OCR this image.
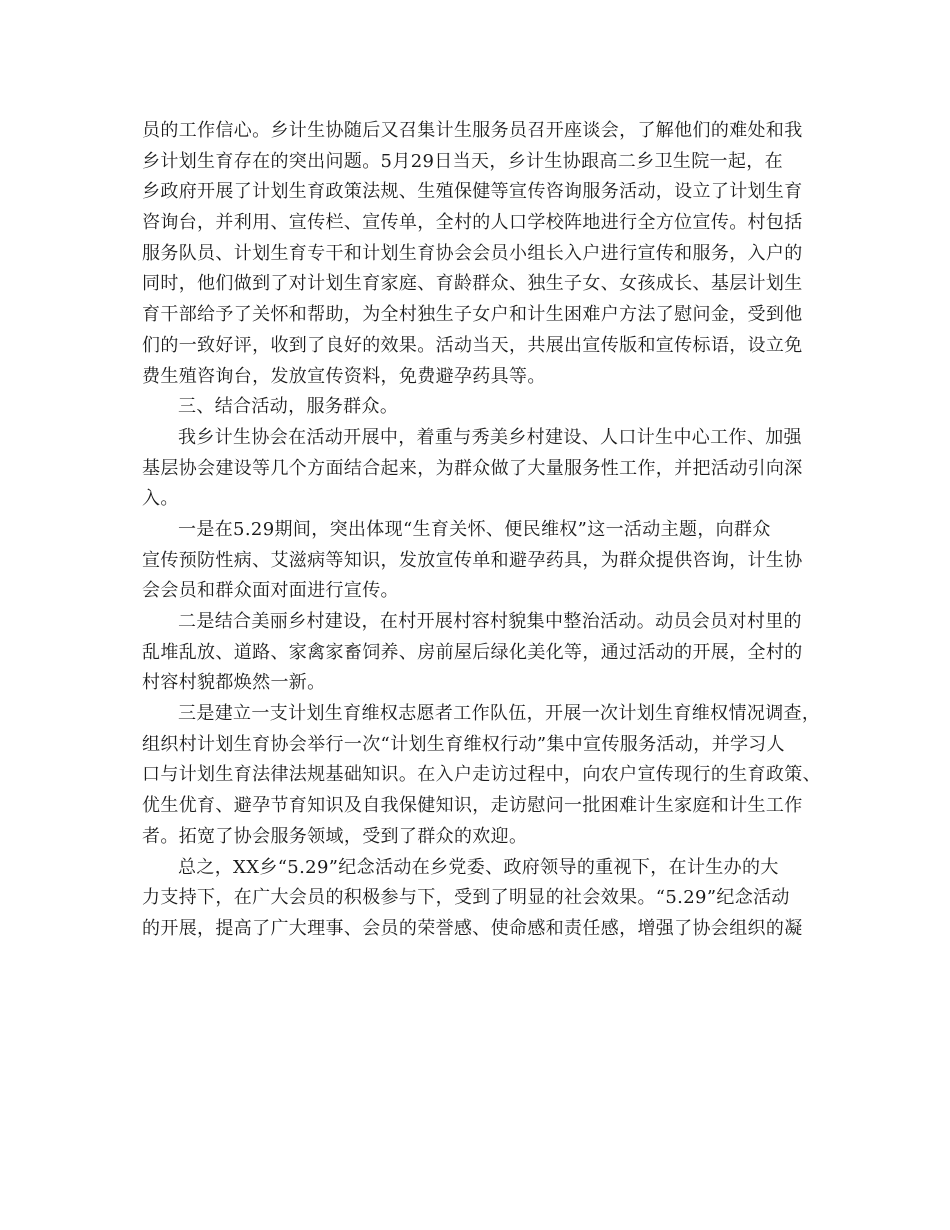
员的工作信心。乡计生协随后又召集计生服务员召开座谈会，了解他们的难处和我
乡计划生育存在的突出问题。5月29日当天，乡计生协跟高二乡卫生院一起，在
乡政府开展了计划生育政策法规、生殖保健等宣传咨询服务活动，设立了计划生育
咨询台，并利用、宣传栏、宣传单，全村的人口学校阵地进行全方位宣传。村包括
服务队员、计划生育专干和计划生育协会会员小组长入户进行宣传和服务，入户的
同时，他们做到了对计划生育家庭、育龄群众、独生子女、女孩成长、基层计划生
育干部给予了关怀和帮助，为全村独生子女户和计生困难户方法了慰问金，受到他
们的一致好评，收到了良好的效果。活动当天，共展出宣传版和宣传标语，设立免
费生殖咨询台，发放宣传资料，免费避孕药具等。
三、结合活动，服务群众。
我乡计生协会在活动开展中，着重与秀美乡村建设、人口计生中心工作、加强
基层协会建设等几个方面结合起来，为群众做了大量服务性工作，并把活动引向深
入。
一是在5.29期间，突出体现“生育关怀、便民维权”这一活动主题，向群众
宣传预防性病、艾滋病等知识，发放宣传单和避孕药具，为群众提供咨询，计生协
会会员和群众面对面进行宣传。
二是结合美丽乡村建设，在村开展村容村貌集中整治活动。动员会员对村里的
乱堆乱放、道路、家禽家畜饲养、房前屋后绿化美化等，通过活动的开展，全村的
村容村貌都焕然一新。
三是建立一支计划生育维权志愿者工作队伍，开展一次计划生育维权情况调查，
组织村计划生育协会举行一次“计划生育维权行动”集中宣传服务活动，并学习人
口与计划生育法律法规基础知识。在入户走访过程中，向农户宣传现行的生育政策、
优生优育、避孕节育知识及自我保健知识，走访慰问一批困难计生家庭和计生工作
者。拓宽了协会服务领域，受到了群众的欢迎。
总之，XX乡“5.29”纪念活动在乡党委、政府领导的重视下，在计生办的大
力支持下，在广大会员的积极参与下，受到了明显的社会效果。“5.29”纪念活动
的开展，提高了广大理事、会员的荣誉感、使命感和责任感，增强了协会组织的凝
